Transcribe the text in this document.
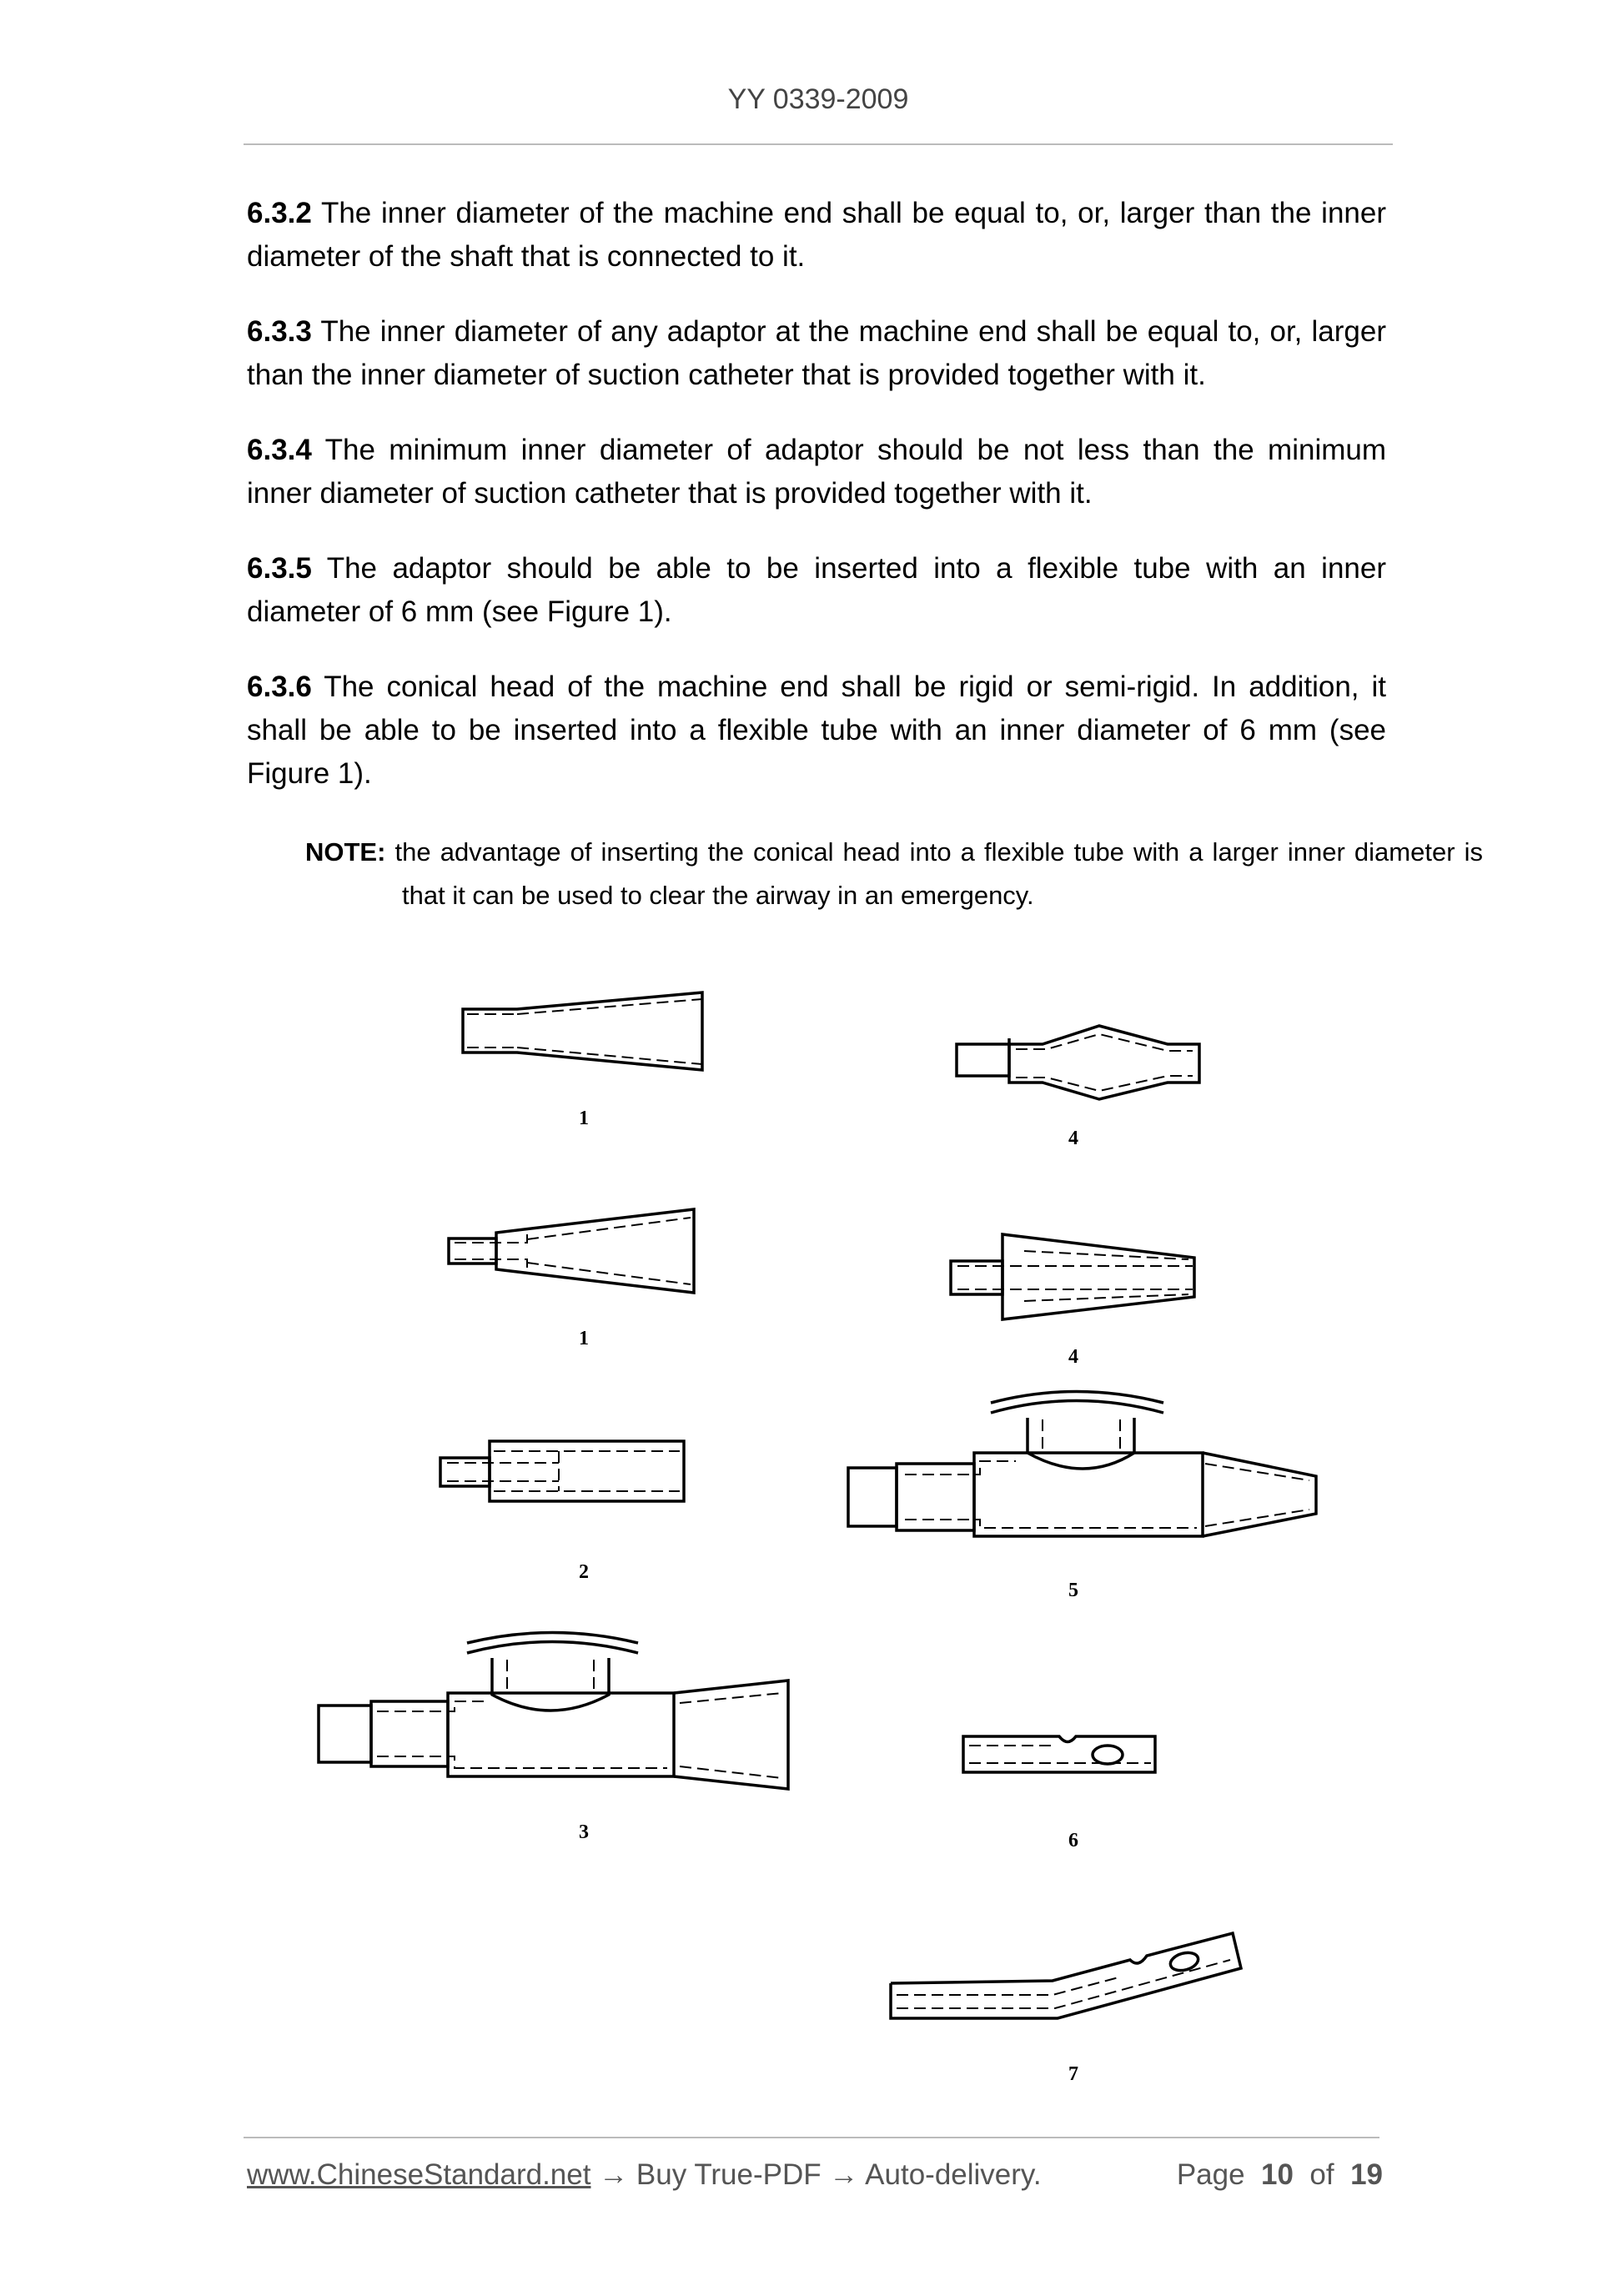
YY 0339-2009

6.3.2 The inner diameter of the machine end shall be equal to, or, larger than the inner diameter of the shaft that is connected to it.

6.3.3 The inner diameter of any adaptor at the machine end shall be equal to, or, larger than the inner diameter of suction catheter that is provided together with it.

6.3.4 The minimum inner diameter of adaptor should be not less than the minimum inner diameter of suction catheter that is provided together with it.

6.3.5 The adaptor should be able to be inserted into a flexible tube with an inner diameter of 6 mm (see Figure 1).

6.3.6 The conical head of the machine end shall be rigid or semi-rigid. In addition, it shall be able to be inserted into a flexible tube with an inner diameter of 6 mm (see Figure 1).

NOTE: the advantage of inserting the conical head into a flexible tube with a larger inner diameter is that it can be used to clear the airway in an emergency.

1
4
1
4
2
5
3	6
7
www.ChineseStandard.net → Buy True-PDF → Auto-delivery.	Page 10 of 19
